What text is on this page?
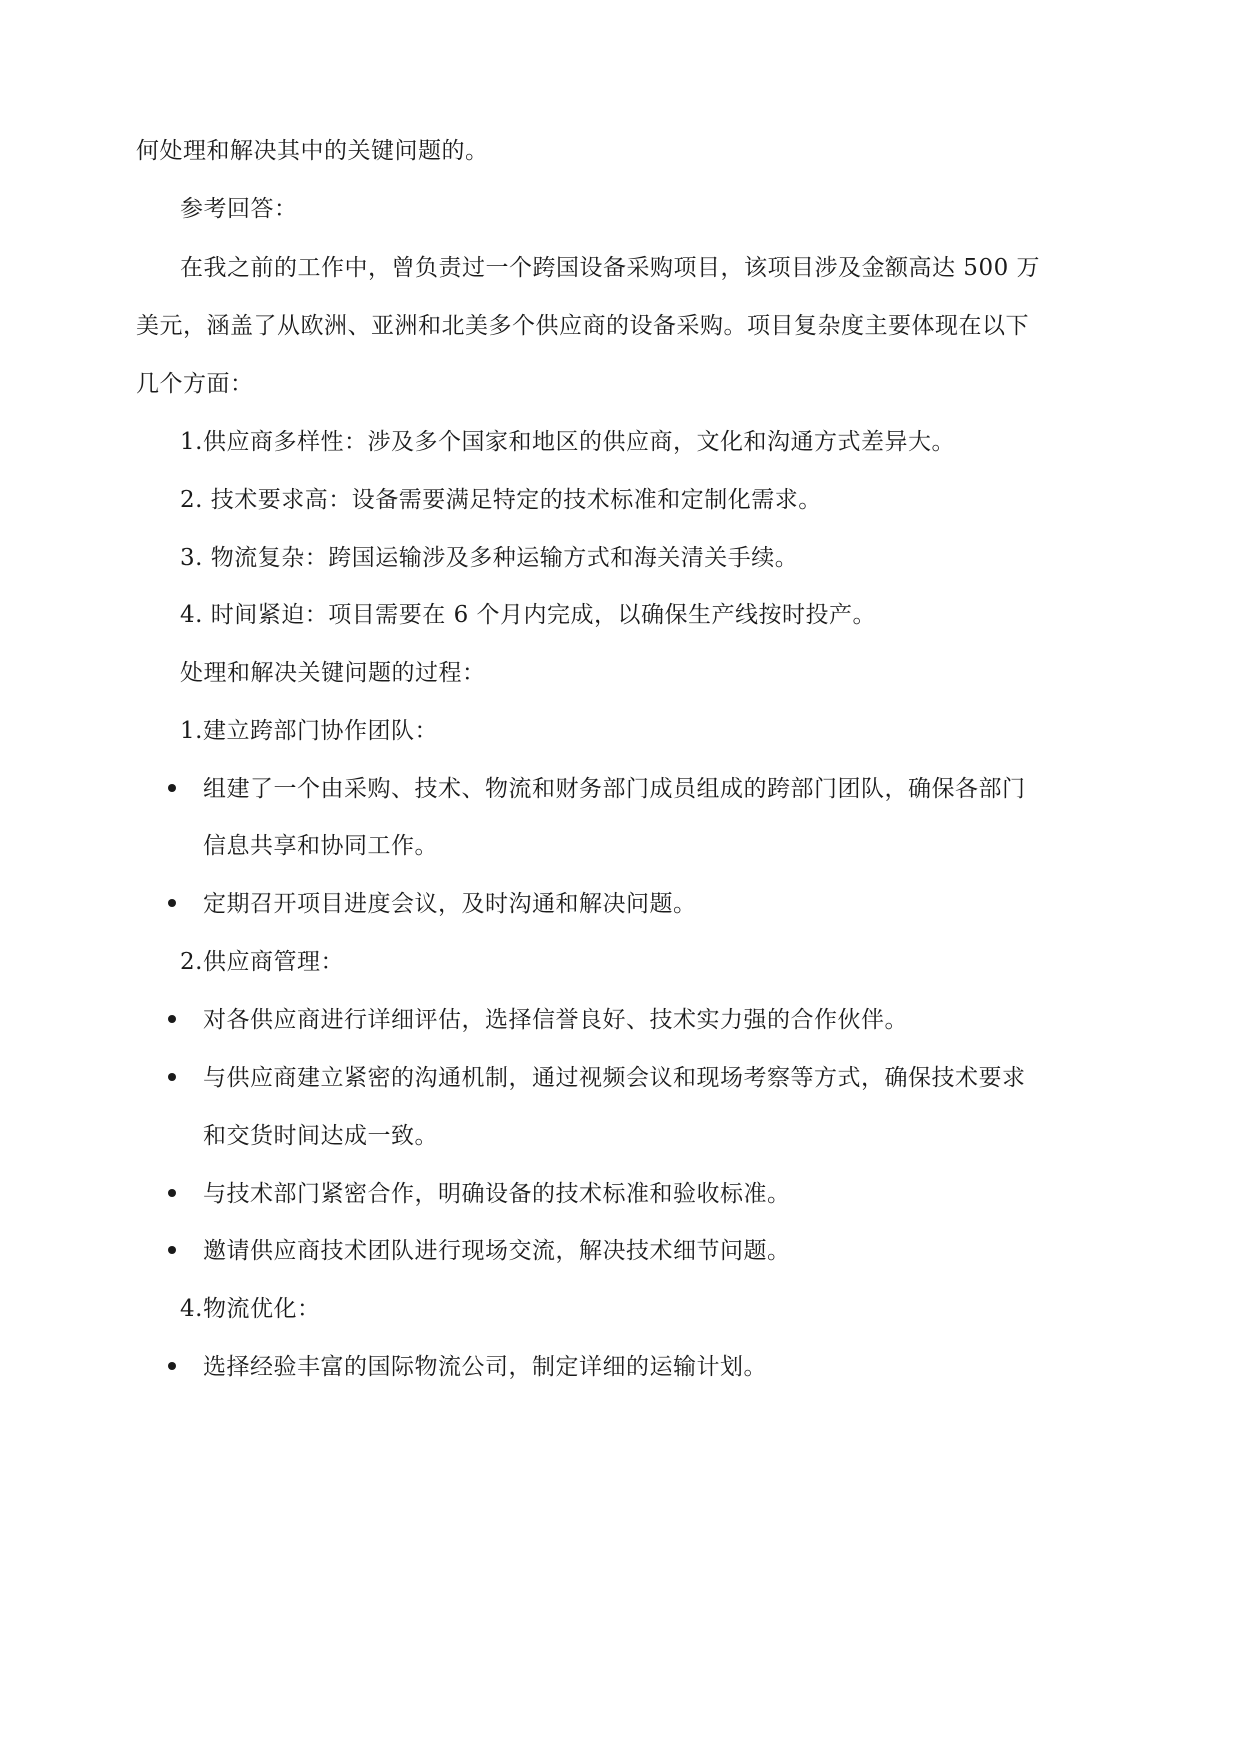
何处理和解决其中的关键问题的。
参考回答：
在我之前的工作中，曾负责过一个跨国设备采购项目，该项目涉及金额高达 500 万
美元，涵盖了从欧洲、亚洲和北美多个供应商的设备采购。项目复杂度主要体现在以下
几个方面：
1.供应商多样性：涉及多个国家和地区的供应商，文化和沟通方式差异大。
2. 技术要求高：设备需要满足特定的技术标准和定制化需求。
3. 物流复杂：跨国运输涉及多种运输方式和海关清关手续。
4. 时间紧迫：项目需要在 6 个月内完成，以确保生产线按时投产。
处理和解决关键问题的过程：
1.建立跨部门协作团队：
组建了一个由采购、技术、物流和财务部门成员组成的跨部门团队，确保各部门
信息共享和协同工作。
定期召开项目进度会议，及时沟通和解决问题。
2.供应商管理：
对各供应商进行详细评估，选择信誉良好、技术实力强的合作伙伴。
与供应商建立紧密的沟通机制，通过视频会议和现场考察等方式，确保技术要求
和交货时间达成一致。
与技术部门紧密合作，明确设备的技术标准和验收标准。
邀请供应商技术团队进行现场交流，解决技术细节问题。
4.物流优化：
选择经验丰富的国际物流公司，制定详细的运输计划。
